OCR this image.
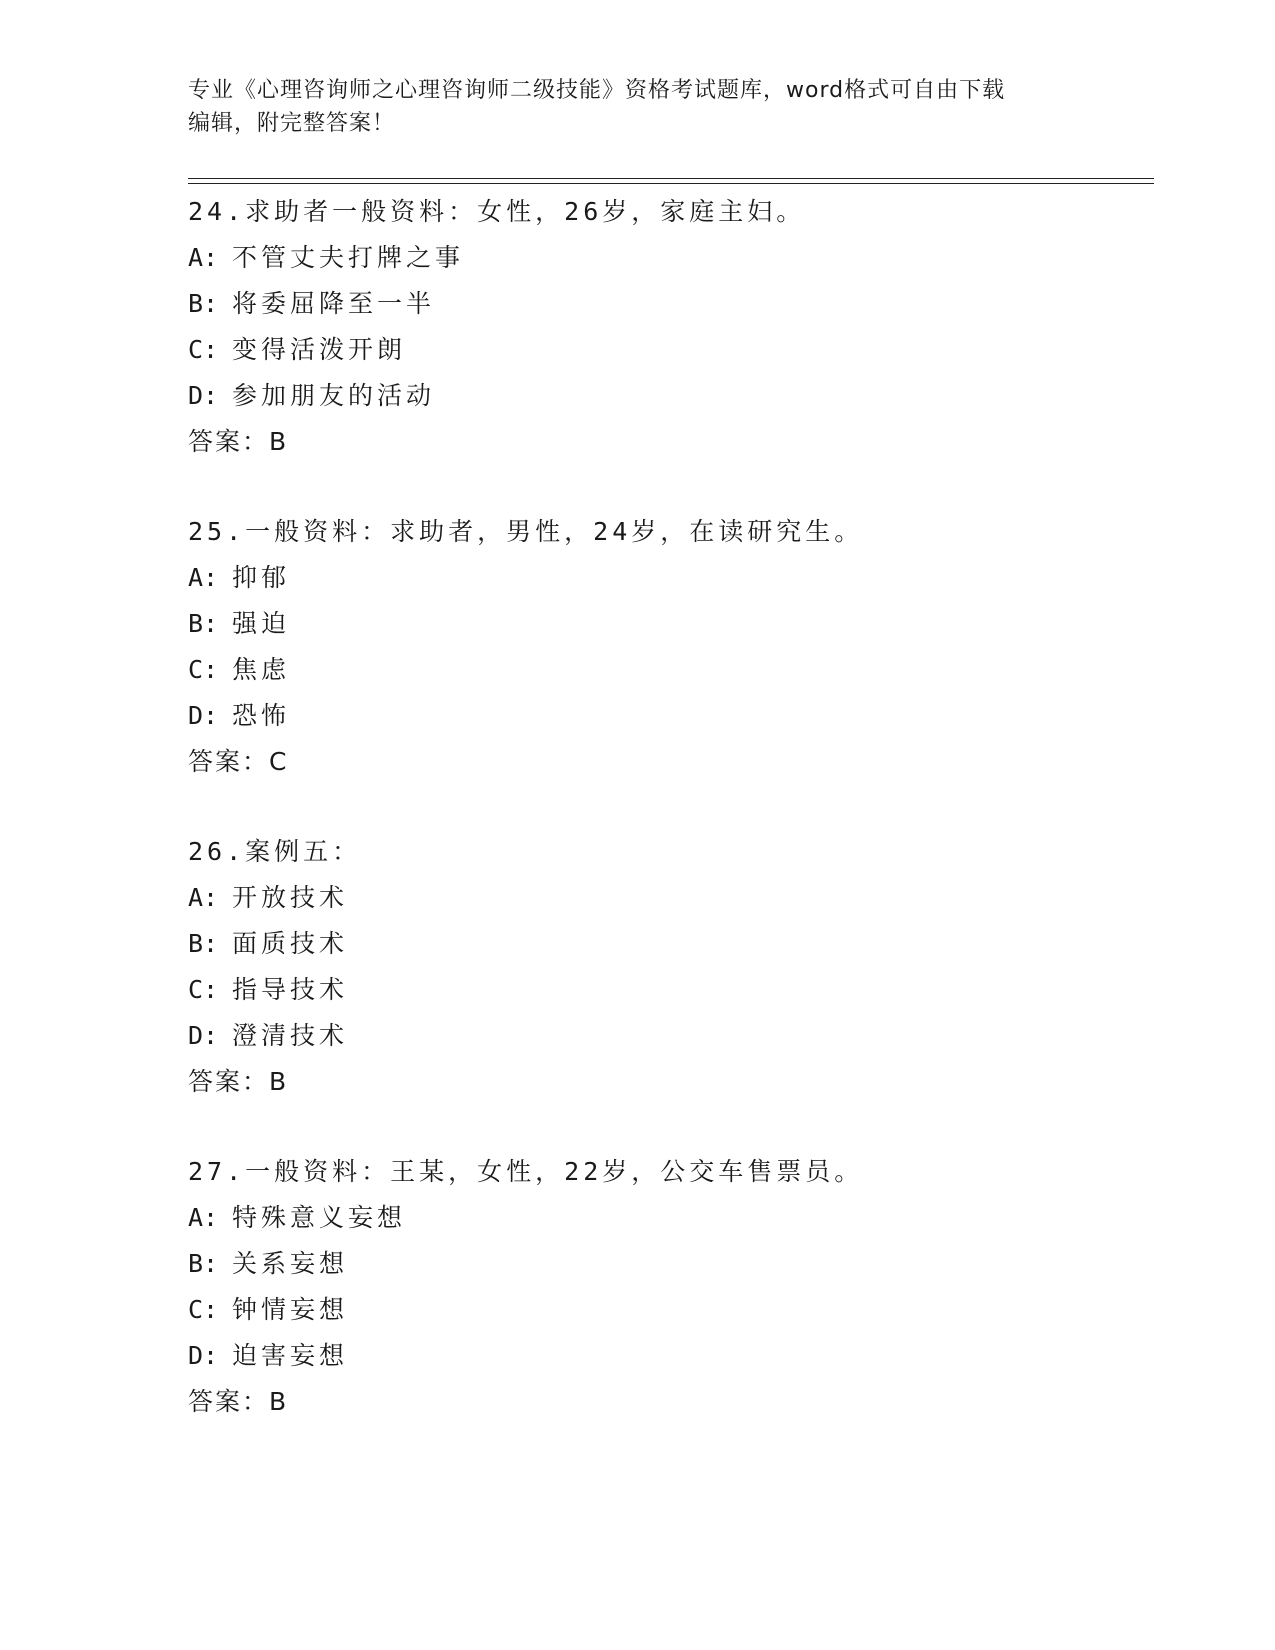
专业《心理咨询师之心理咨询师二级技能》资格考试题库，word格式可自由下载
编辑，附完整答案！
24.求助者一般资料：女性，26岁，家庭主妇。
A: 不管丈夫打牌之事
B: 将委屈降至一半
C: 变得活泼开朗
D: 参加朋友的活动
答案：B
25.一般资料：求助者，男性，24岁，在读研究生。
A: 抑郁
B: 强迫
C: 焦虑
D: 恐怖
答案：C
26.案例五：
A: 开放技术
B: 面质技术
C: 指导技术
D: 澄清技术
答案：B
27.一般资料：王某，女性，22岁，公交车售票员。
A: 特殊意义妄想
B: 关系妄想
C: 钟情妄想
D: 迫害妄想
答案：B
